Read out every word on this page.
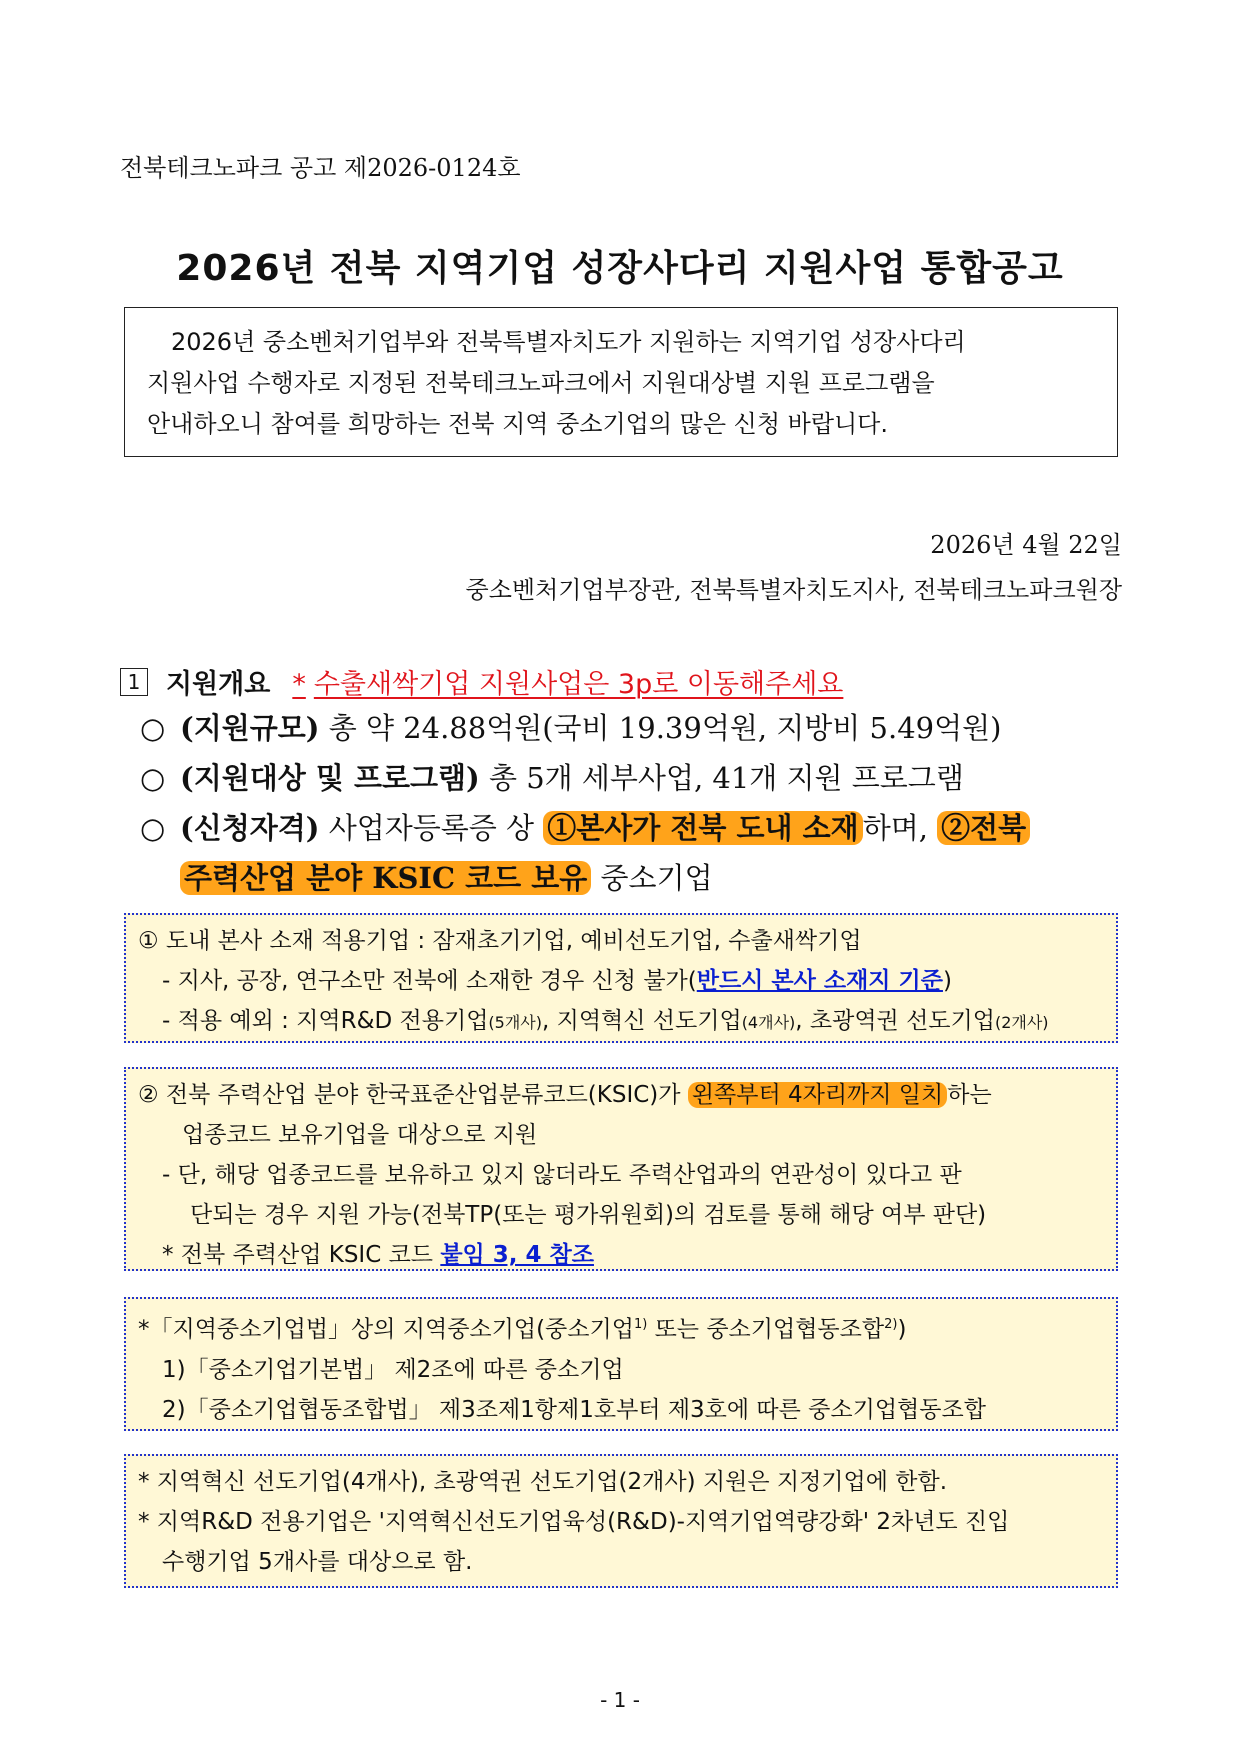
전북테크노파크 공고 제2026-0124호
2026년 전북 지역기업 성장사다리 지원사업 통합공고

2026년 중소벤처기업부와 전북특별자치도가 지원하는 지역기업 성장사다리

지원사업 수행자로 지정된 전북테크노파크에서 지원대상별 지원 프로그램을

안내하오니 참여를 희망하는 전북 지역 중소기업의 많은 신청 바랍니다.

2026년 4월 22일
중소벤처기업부장관, 전북특별자치도지사, 전북테크노파크원장
1 지원개요 * 수출새싹기업 지원사업은 3p로 이동해주세요
○ (지원규모) 총 약 24.88억원(국비 19.39억원, 지방비 5.49억원)
○ (지원대상 및 프로그램) 총 5개 세부사업, 41개 지원 프로그램
○ (신청자격) 사업자등록증 상 ①본사가 전북 도내 소재 하며, ②전북
주력산업 분야 KSIC 코드 보유 중소기업

① 도내 본사 소재 적용기업 : 잠재초기기업, 예비선도기업, 수출새싹기업

- 지사, 공장, 연구소만 전북에 소재한 경우 신청 불가(반드시 본사 소재지 기준)

- 적용 예외 : 지역R&D 전용기업(5개사), 지역혁신 선도기업(4개사), 초광역권 선도기업(2개사)

② 전북 주력산업 분야 한국표준산업분류코드(KSIC)가 왼쪽부터 4자리까지 일치 하는

업종코드 보유기업을 대상으로 지원

- 단, 해당 업종코드를 보유하고 있지 않더라도 주력산업과의 연관성이 있다고 판

단되는 경우 지원 가능(전북TP(또는 평가위원회)의 검토를 통해 해당 여부 판단)

* 전북 주력산업 KSIC 코드 붙임 3, 4 참조

*「지역중소기업법」상의 지역중소기업(중소기업$^{1)}$ 또는 중소기업협동조합$^{2)}$)

1)「중소기업기본법」 제2조에 따른 중소기업

2)「중소기업협동조합법」 제3조제1항제1호부터 제3호에 따른 중소기업협동조합

* 지역혁신 선도기업(4개사), 초광역권 선도기업(2개사) 지원은 지정기업에 한함.

* 지역R&D 전용기업은 '지역혁신선도기업육성(R&D)-지역기업역량강화' 2차년도 진입

수행기업 5개사를 대상으로 함.

- 1 -
